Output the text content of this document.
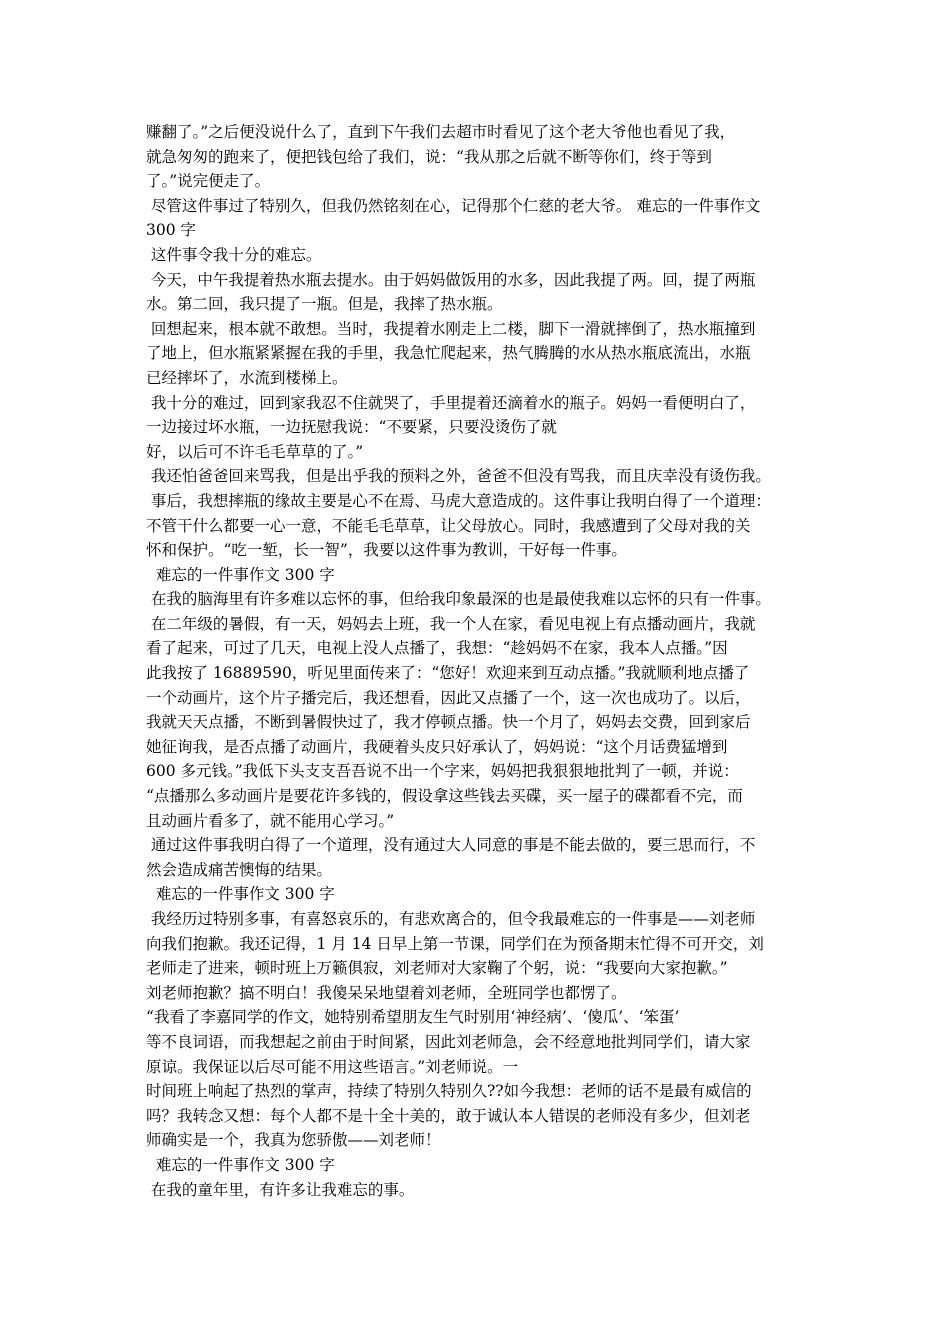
赚翻了。”之后便没说什么了，直到下午我们去超市时看见了这个老大爷他也看见了我，
就急匆匆的跑来了，便把钱包给了我们，说：“我从那之后就不断等你们，终于等到
了。”说完便走了。
尽管这件事过了特别久，但我仍然铭刻在心，记得那个仁慈的老大爷。 难忘的一件事作文
300 字
这件事令我十分的难忘。
今天，中午我提着热水瓶去提水。由于妈妈做饭用的水多，因此我提了两。回，提了两瓶
水。第二回，我只提了一瓶。但是，我摔了热水瓶。
回想起来，根本就不敢想。当时，我提着水刚走上二楼，脚下一滑就摔倒了，热水瓶撞到
了地上，但水瓶紧紧握在我的手里，我急忙爬起来，热气腾腾的水从热水瓶底流出，水瓶
已经摔坏了，水流到楼梯上。
我十分的难过，回到家我忍不住就哭了，手里提着还滴着水的瓶子。妈妈一看便明白了，
一边接过坏水瓶，一边抚慰我说：“不要紧，只要没烫伤了就
好，以后可不许毛毛草草的了。”
我还怕爸爸回来骂我，但是出乎我的预料之外，爸爸不但没有骂我，而且庆幸没有烫伤我。
事后，我想摔瓶的缘故主要是心不在焉、马虎大意造成的。这件事让我明白得了一个道理：
不管干什么都要一心一意，不能毛毛草草，让父母放心。同时，我感遭到了父母对我的关
怀和保护。“吃一堑，长一智”，我要以这件事为教训，干好每一件事。
难忘的一件事作文 300 字
在我的脑海里有许多难以忘怀的事，但给我印象最深的也是最使我难以忘怀的只有一件事。
在二年级的暑假，有一天，妈妈去上班，我一个人在家，看见电视上有点播动画片，我就
看了起来，可过了几天，电视上没人点播了，我想：“趁妈妈不在家，我本人点播。”因
此我按了 16889590，听见里面传来了：“您好！欢迎来到互动点播。”我就顺利地点播了
一个动画片，这个片子播完后，我还想看，因此又点播了一个，这一次也成功了。以后，
我就天天点播，不断到暑假快过了，我才停顿点播。快一个月了，妈妈去交费，回到家后
她征询我，是否点播了动画片，我硬着头皮只好承认了，妈妈说：“这个月话费猛增到
600 多元钱。”我低下头支支吾吾说不出一个字来，妈妈把我狠狠地批判了一顿，并说：
“点播那么多动画片是要花许多钱的，假设拿这些钱去买碟，买一屋子的碟都看不完，而
且动画片看多了，就不能用心学习。”
通过这件事我明白得了一个道理，没有通过大人同意的事是不能去做的，要三思而行，不
然会造成痛苦懊悔的结果。
难忘的一件事作文 300 字
我经历过特别多事，有喜怒哀乐的，有悲欢离合的，但令我最难忘的一件事是——刘老师
向我们抱歉。我还记得，1 月 14 日早上第一节课，同学们在为预备期末忙得不可开交，刘
老师走了进来，顿时班上万籁俱寂，刘老师对大家鞠了个躬，说：“我要向大家抱歉。”
刘老师抱歉？搞不明白！我傻呆呆地望着刘老师，全班同学也都愣了。
“我看了李嘉同学的作文，她特别希望朋友生气时别用‘神经病’、‘傻瓜’、‘笨蛋’
等不良词语，而我想起之前由于时间紧，因此刘老师急，会不经意地批判同学们，请大家
原谅。我保证以后尽可能不用这些语言。”刘老师说。一
时间班上响起了热烈的掌声，持续了特别久特别久??如今我想：老师的话不是最有威信的
吗？我转念又想：每个人都不是十全十美的，敢于诚认本人错误的老师没有多少，但刘老
师确实是一个，我真为您骄傲——刘老师！
难忘的一件事作文 300 字
在我的童年里，有许多让我难忘的事。
